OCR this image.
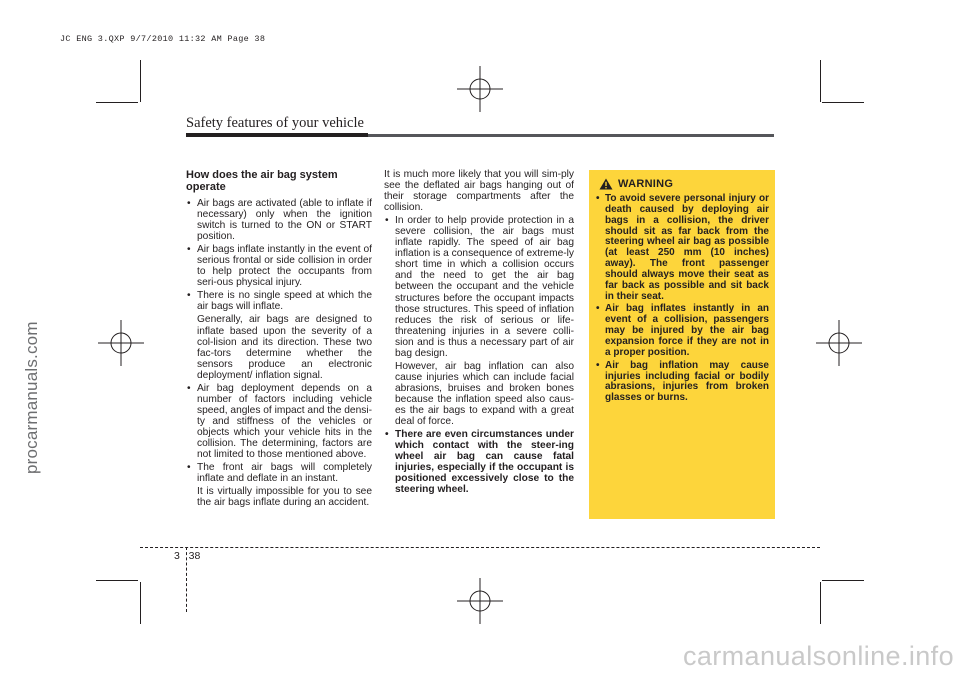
JC ENG 3.QXP 9/7/2010 11:32 AM Page 38
procarmanuals.com
Safety features of your vehicle
How does the air bag system operate
• Air bags are activated (able to inflate if necessary) only when the ignition switch is turned to the ON or START position.
• Air bags inflate instantly in the event of serious frontal or side collision in order to help protect the occupants from seri-ous physical injury.
• There is no single speed at which the air bags will inflate.
Generally, air bags are designed to inflate based upon the severity of a col-lision and its direction. These two fac-tors determine whether the sensors produce an electronic deployment/ inflation signal.
• Air bag deployment depends on a number of factors including vehicle speed, angles of impact and the densi-ty and stiffness of the vehicles or objects which your vehicle hits in the collision. The determining, factors are not limited to those mentioned above.
• The front air bags will completely inflate and deflate in an instant.
It is virtually impossible for you to see the air bags inflate during an accident.
It is much more likely that you will sim-ply see the deflated air bags hanging out of their storage compartments after the collision.
• In order to help provide protection in a severe collision, the air bags must inflate rapidly. The speed of air bag inflation is a consequence of extreme-ly short time in which a collision occurs and the need to get the air bag between the occupant and the vehicle structures before the occupant impacts those structures. This speed of inflation reduces the risk of serious or life-threatening injuries in a severe colli-sion and is thus a necessary part of air bag design.
However, air bag inflation can also cause injuries which can include facial abrasions, bruises and broken bones because the inflation speed also caus-es the air bags to expand with a great deal of force.
• There are even circumstances under which contact with the steer-ing wheel air bag can cause fatal injuries, especially if the occupant is positioned excessively close to the steering wheel.
WARNING
• To avoid severe personal injury or death caused by deploying air bags in a collision, the driver should sit as far back from the steering wheel air bag as possible (at least 250 mm (10 inches) away). The front passenger should always move their seat as far back as possible and sit back in their seat.
• Air bag inflates instantly in an event of a collision, passengers may be injured by the air bag expansion force if they are not in a proper position.
• Air bag inflation may cause injuries including facial or bodily abrasions, injuries from broken glasses or burns.
3 38
carmanualsonline.info
